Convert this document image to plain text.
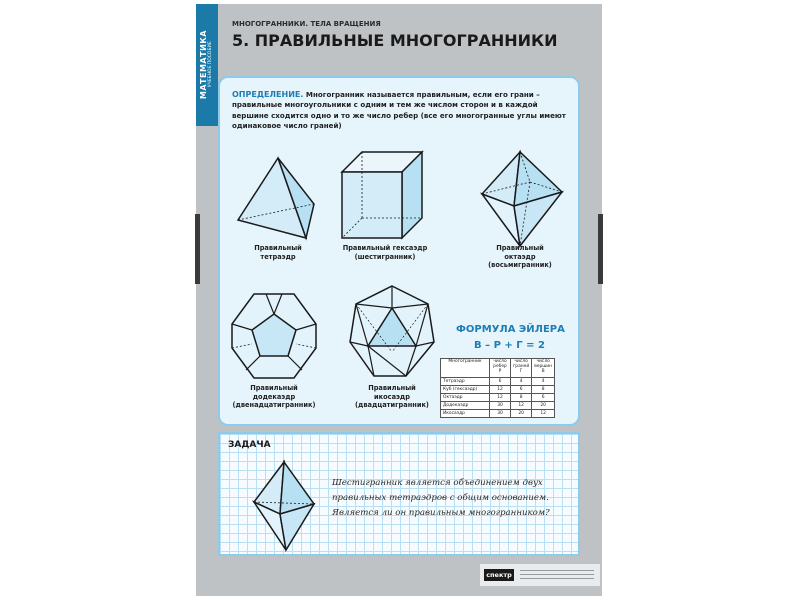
МАТЕМАТИКА УЧЕБНОЕ ПОСОБИЕ
МНОГОГРАННИКИ. ТЕЛА ВРАЩЕНИЯ
5. ПРАВИЛЬНЫЕ МНОГОГРАННИКИ
ОПРЕДЕЛЕНИЕ. Многогранник называется правильным, если его грани – правильные многоугольники с одним и тем же числом сторон и в каждой вершине сходится одно и то же число ребер (все его многогранные углы имеют одинаковое число граней)
Правильный
тетраэдр
Правильный гексаэдр
(шестигранник)
Правильный
октаэдр
(восьмигранник)
Правильный
додекаэдр
(двенадцатигранник)
Правильный
икосаэдр
(двадцатигранник)
ФОРМУЛА ЭЙЛЕРА
В – Р + Г = 2
Многогранник	число ребер Р	число граней Г	число вершин В
Тетраэдр	6	4	4
Куб (гексаэдр)	12	6	8
Октаэдр	12	8	6
Додекаэдр	30	12	20
Икосаэдр	30	20	12
ЗАДАЧА
Шестигранник является объединением двух
правильных тетраэдров с общим основанием.
Является ли он правильным многогранником?
спектр
